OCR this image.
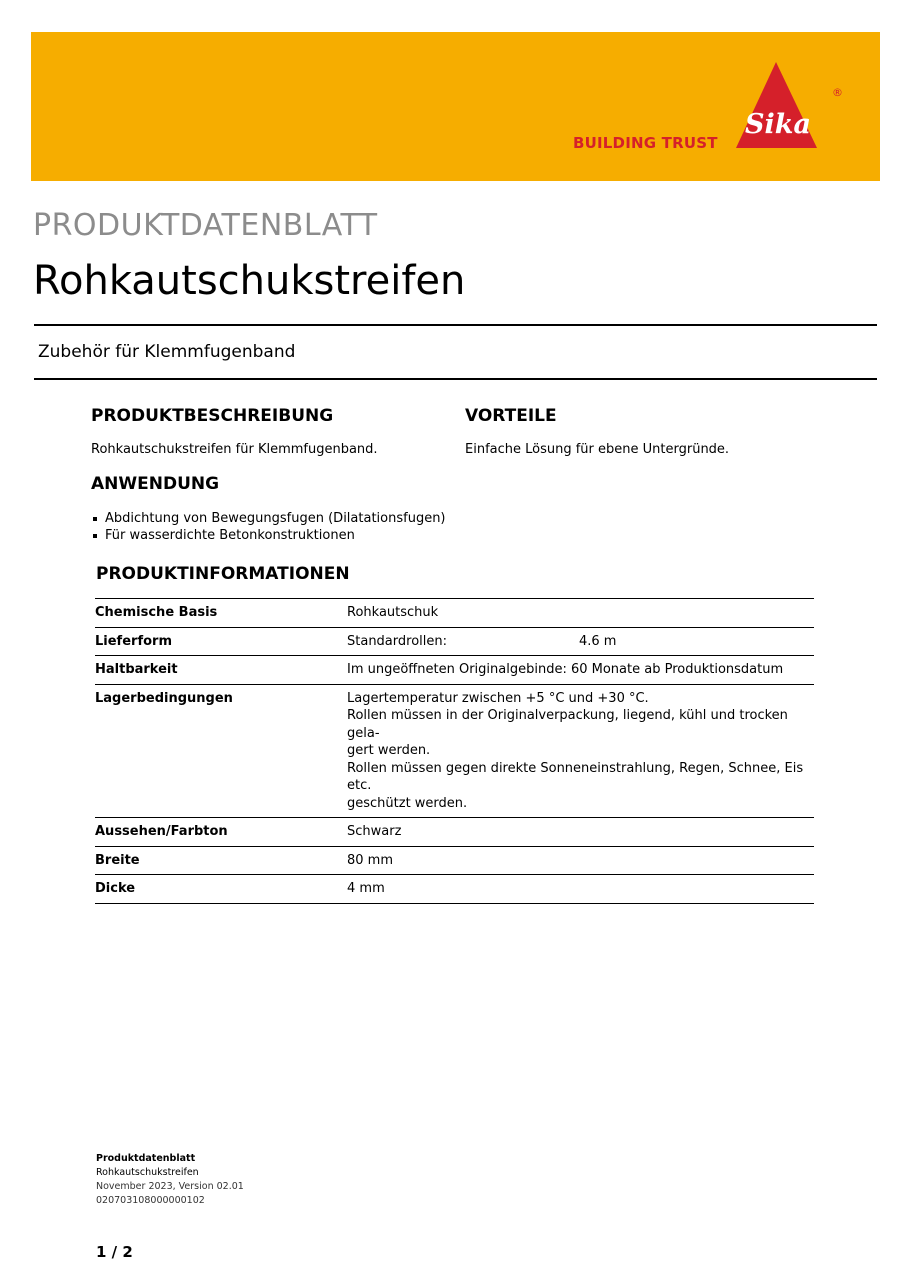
BUILDING TRUST
Sika
®
PRODUKTDATENBLATT
Rohkautschukstreifen
Zubehör für Klemmfugenband
PRODUKTBESCHREIBUNG
Rohkautschukstreifen für Klemmfugenband.
VORTEILE
Einfache Lösung für ebene Untergründe.
ANWENDUNG
Abdichtung von Bewegungsfugen (Dilatationsfugen)
Für wasserdichte Betonkonstruktionen
PRODUKTINFORMATIONEN
Chemische Basis	Rohkautschuk
Lieferform	Standardrollen: 4.6 m
Haltbarkeit	Im ungeöffneten Originalgebinde: 60 Monate ab Produktionsdatum
Lagerbedingungen	Lagertemperatur zwischen +5 °C und +30 °C.
Rollen müssen in der Originalverpackung, liegend, kühl und trocken gela-
gert werden.
Rollen müssen gegen direkte Sonneneinstrahlung, Regen, Schnee, Eis etc.
geschützt werden.

Aussehen/Farbton	Schwarz
Breite	80 mm
Dicke	4 mm
Produktdatenblatt
Rohkautschukstreifen
November 2023, Version 02.01
020703108000000102
1 / 2
